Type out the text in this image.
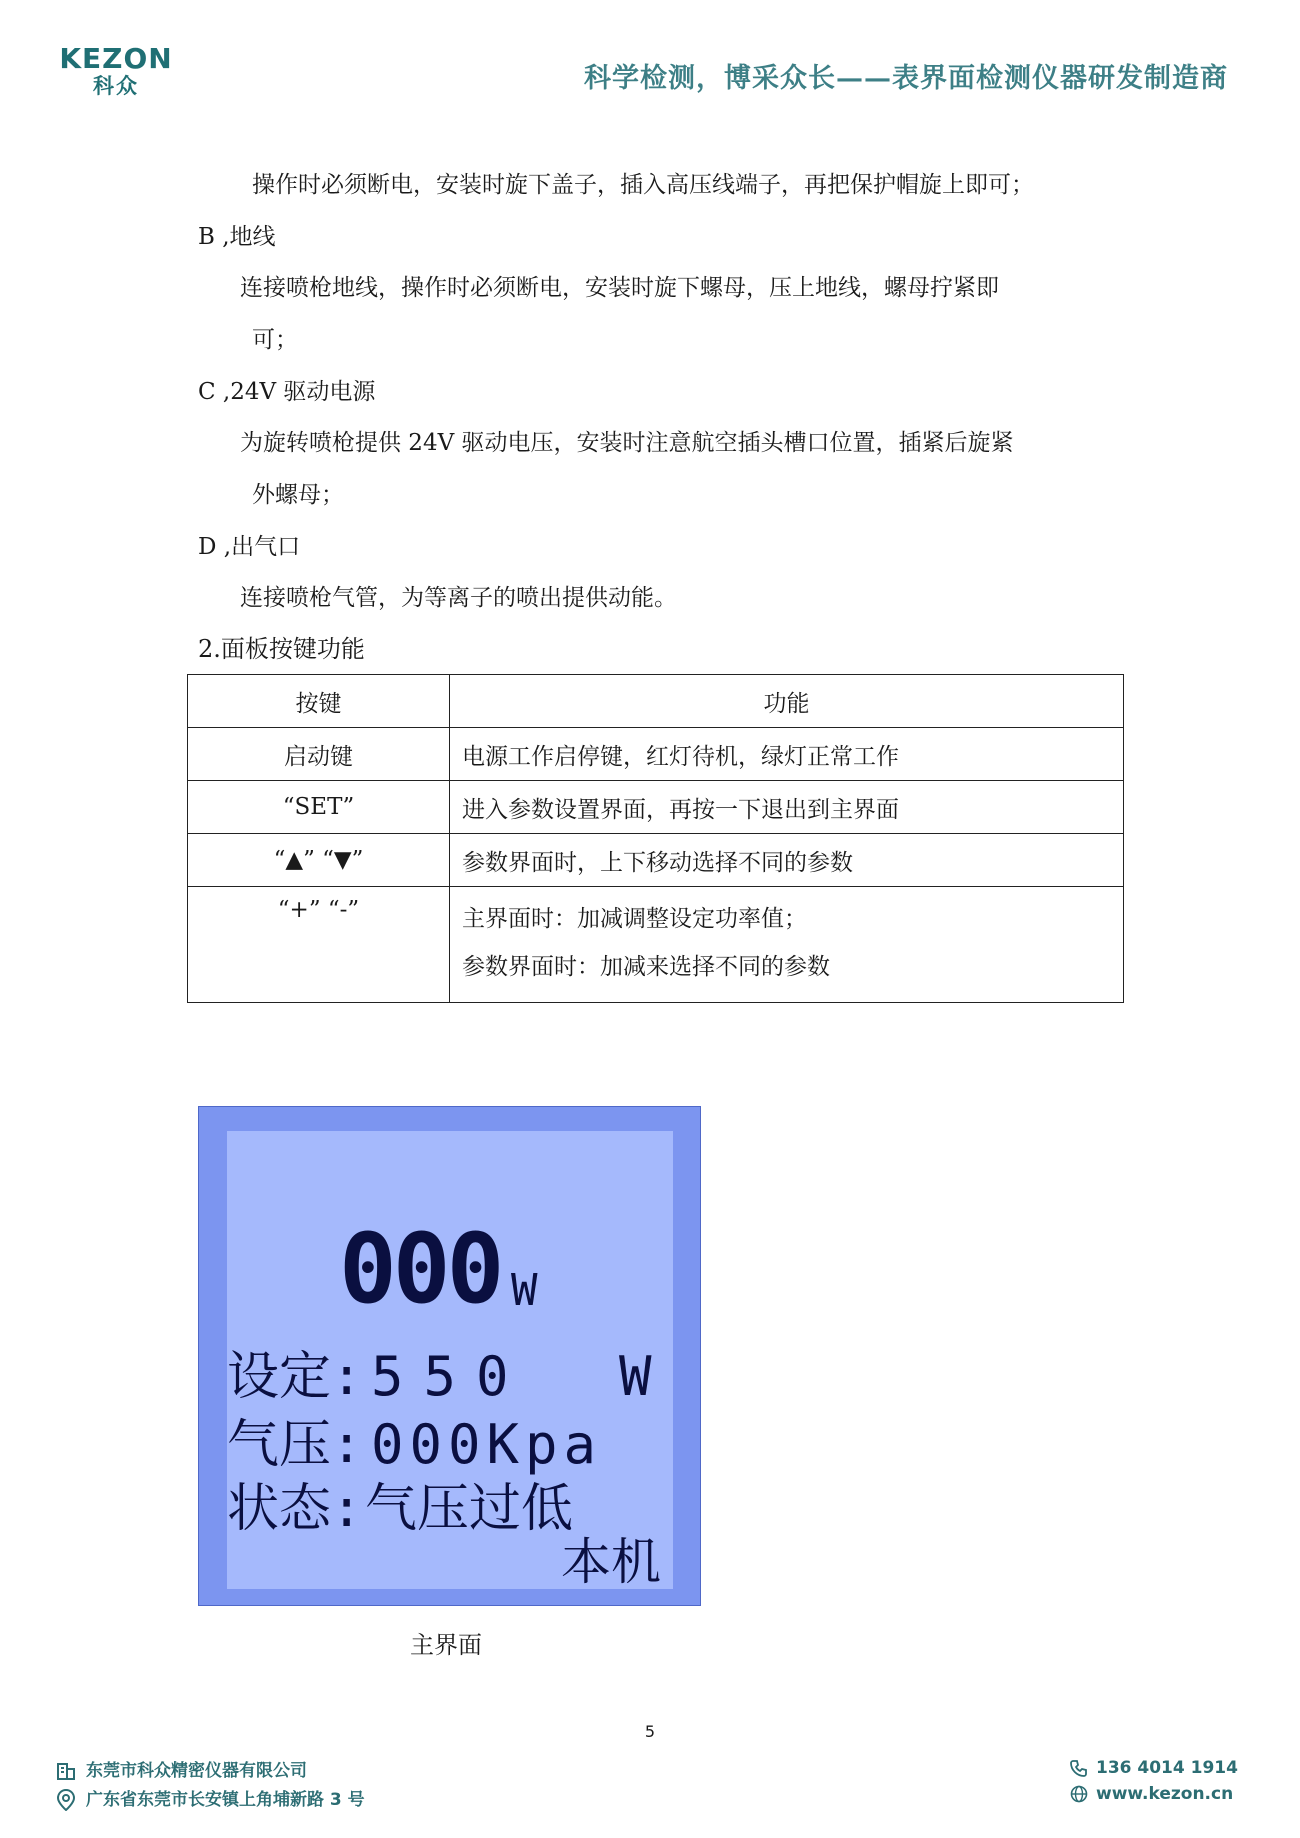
KEZON
科众	科学检测，博采众长——表界面检测仪器研发制造商
操作时必须断电，安装时旋下盖子，插入高压线端子，再把保护帽旋上即可；
B ,地线
连接喷枪地线，操作时必须断电，安装时旋下螺母，压上地线，螺母拧紧即
可；
C ,24V 驱动电源
为旋转喷枪提供 24V 驱动电压，安装时注意航空插头槽口位置，插紧后旋紧
外螺母；
D ,出气口
连接喷枪气管，为等离子的喷出提供动能。
2.面板按键功能
按键	功能
启动键	电源工作启停键，红灯待机，绿灯正常工作
“SET”	进入参数设置界面，再按一下退出到主界面
“▲” “▼”	参数界面时，上下移动选择不同的参数
“+” “-”	主界面时：加减调整设定功率值；
参数界面时：加减来选择不同的参数
000 W
设定: 550 W
气压: 000Kpa
状态: 气压过低
本机
主界面
5
东莞市科众精密仪器有限公司
广东省东莞市长安镇上角埔新路 3 号
136 4014 1914
www.kezon.cn
